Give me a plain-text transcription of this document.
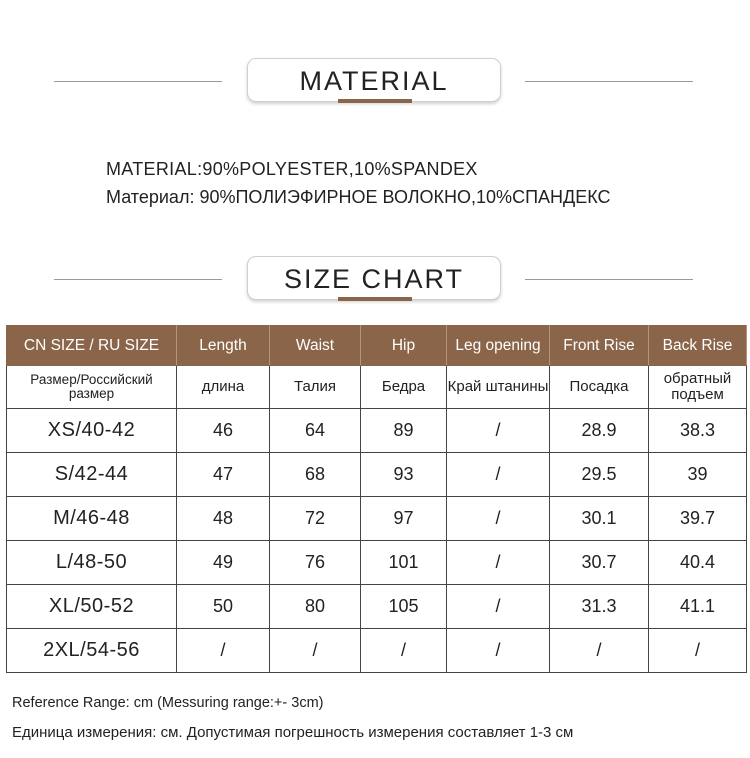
MATERIAL
MATERIAL:90%POLYESTER,10%SPANDEX
Материал: 90%ПОЛИЭФИРНОЕ ВОЛОКНО,10%СПАНДЕКС
SIZE CHART
CN SIZE / RU SIZE	Length	Waist	Hip	Leg opening	Front Rise	Back Rise
Размер/Российский размер	длина	Талия	Бедра	Край штанины	Посадка	обратный подъем
XS/40-42	46	64	89	/	28.9	38.3
S/42-44	47	68	93	/	29.5	39
M/46-48	48	72	97	/	30.1	39.7
L/48-50	49	76	101	/	30.7	40.4
XL/50-52	50	80	105	/	31.3	41.1
2XL/54-56	/	/	/	/	/	/
Reference Range: cm (Messuring range:+- 3cm)
Единица измерения: см. Допустимая погрешность измерения составляет 1-3 см
